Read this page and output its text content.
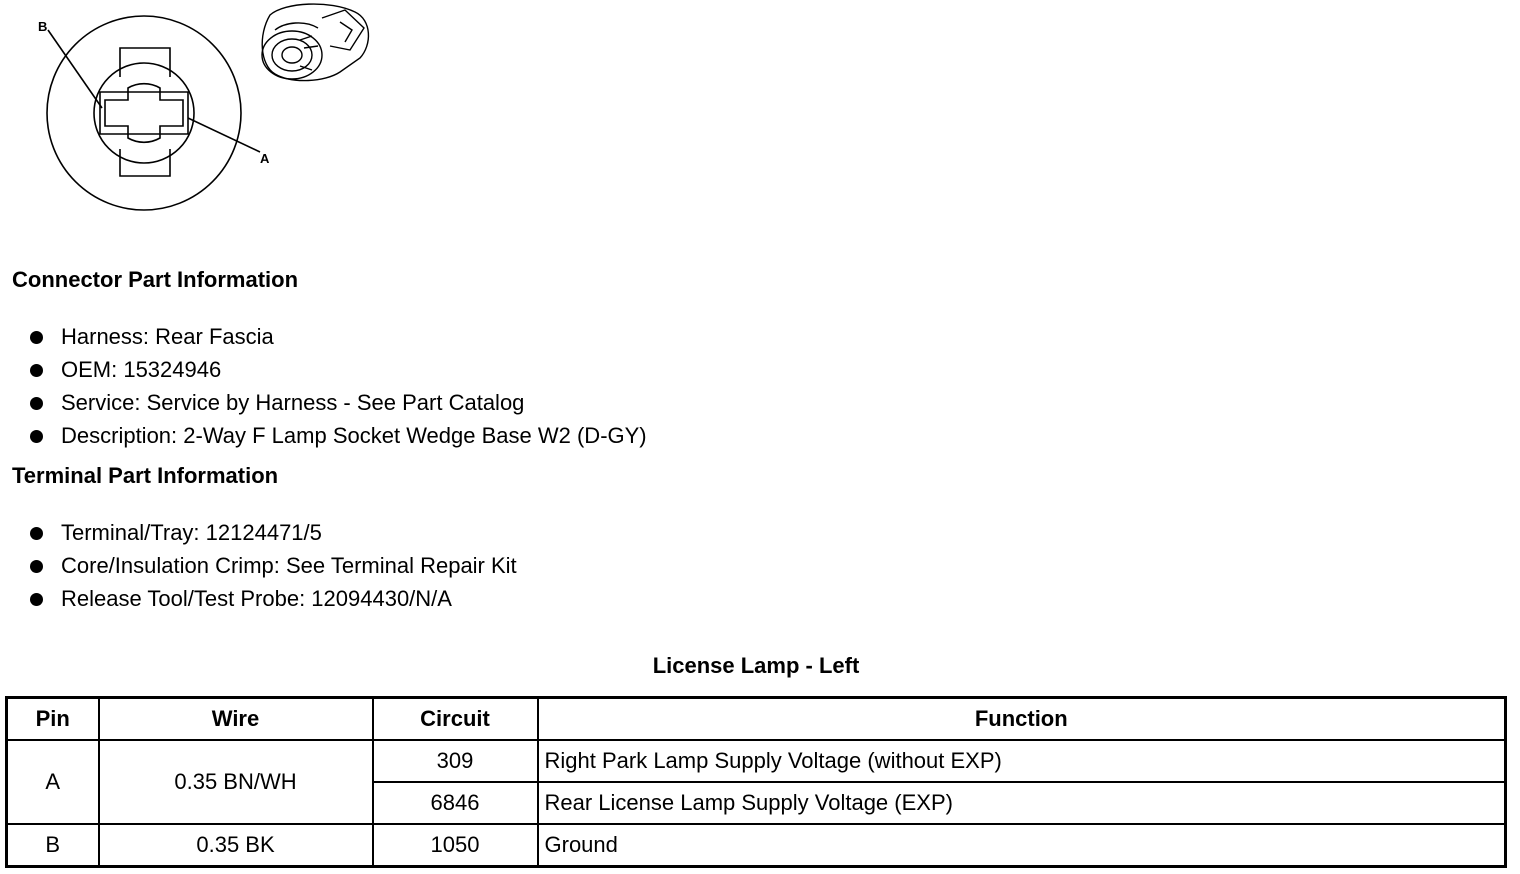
B
A
Connector Part Information
Harness: Rear Fascia
OEM: 15324946
Service: Service by Harness - See Part Catalog
Description: 2-Way F Lamp Socket Wedge Base W2 (D-GY)
Terminal Part Information
Terminal/Tray: 12124471/5
Core/Insulation Crimp: See Terminal Repair Kit
Release Tool/Test Probe: 12094430/N/A
License Lamp - Left
Pin	Wire	Circuit	Function
A	0.35 BN/WH	309	Right Park Lamp Supply Voltage (without EXP)
		6846	Rear License Lamp Supply Voltage (EXP)
B	0.35 BK	1050	Ground
